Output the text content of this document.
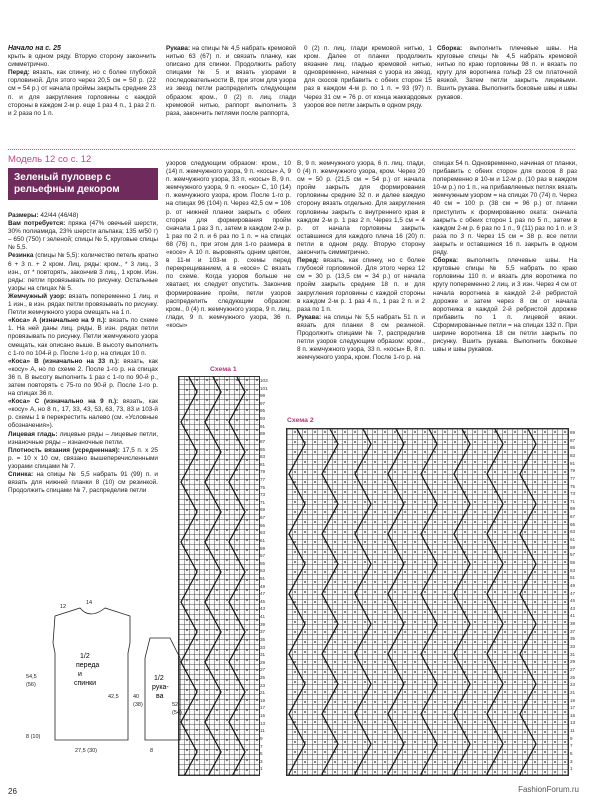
Начало на с. 25

крыть в одном ряду. Вторую сторону закончить симметрично.

Перед: вязать, как спинку, но с более глубокой горловиной. Для этого через 20,5 см = 50 р. (22 см = 54 р.) от начала проймы закрыть средние 23 п. и для закругления горловины с каждой стороны в каждом 2-м р. еще 1 раз 4 п., 1 раз 2 п. и 2 раза по 1 п.

Рукава: на спицы № 4,5 набрать кремовой нитью 63 (67) п. и связать планку, как описано для спинки. Продолжить работу спицами № 5 и вязать узорами в последовательности B, при этом для узора из звезд петли распределить следующим образом: кром., 0 (2) п. лиц. глади кремовой нитью, раппорт выполнить 3 раза, закончить петлями после раппорта,

0 (2) п. лиц. глади кремовой нитью, 1 кром. Далее от планки продолжить вязание лиц. гладью кремовой нитью, одновременно, начиная с узора из звезд, для скосов прибавить с обеих сторон 15 раз в каждом 4-м р. по 1 п. = 93 (97) п. Через 31 см = 76 р. от конца жаккардовых узоров все петли закрыть в одном ряду.

Сборка: выполнить плечевые швы. На круговые спицы № 4,5 набрать кремовой нитью по краю горловины 98 п. и вязать по кругу для воротника гольф 23 см платочной вязкой. Затем петли закрыть лицевыми. Вшить рукава. Выполнить боковые швы и швы рукавов.

Модель 12 со с. 12
Зеленый пуловер с рельефным декором

Размеры: 42/44 (46/48)

Вам потребуется: пряжа (47% овечьей шерсти, 30% полиамида, 23% шерсти альпака; 135 м/50 г) – 650 (750) г зеленой; спицы № 5, круговые спицы № 5,5.

Резинка (спицы № 5,5): количество петель кратно 6 + 3 п. + 2 кром. Лиц. ряды: кром., * 3 лиц., 3 изн., от * повторять, закончив 3 лиц., 1 кром. Изн. ряды: петли провязывать по рисунку. Остальные узоры на спицах № 5.

Жемчужный узор: вязать попеременно 1 лиц. и 1 изн., в изн. рядах петли провязывать по рисунку. Петли жемчужного узора смещать на 1 п.

«Коса» А (изначально на 9 п.): вязать по схеме 1. На ней даны лиц. ряды. В изн. рядах петли провязывать по рисунку. Петли жемчужного узора смещать, как описано выше. В высоту выполнить с 1-го по 104-й р. После 1-го р. на спицах 10 п.

«Коса» В (изначально на 33 п.): вязать, как «косу» А, но по схеме 2. После 1-го р. на спицах 36 п. В высоту выполнить 1 раз с 1-го по 90-й р., затем повторять с 75-го по 90-й р. После 1-го р. на спицах 36 п.

«Коса» С (изначально на 9 п.): вязать, как «косу» А, но 8 п., 17, 33, 43, 53, 63, 73, 83 и 103-й р. схемы 1 в перекрестить налево (см. «Условные обозначения»).

Лицевая гладь: лицевые ряды – лицевые петли, изнаночные ряды – изнаночные петли.

Плотность вязания (усредненная): 17,5 п. х 25 р. = 10 х 10 см, связано вышеперечисленными узорами спицами № 7.

Спинка: на спицы № 5,5 набрать 91 (99) п. и вязать для нижней планки 8 (10) см резинкой. Продолжить спицами № 7, распределив петли

узоров следующим образом: кром., 10 (14) п. жемчужного узора, 9 п. «косы» А, 9 п. жемчужного узора, 33 п. «косы» В, 9 п. жемчужного узора, 9 п. «косы» С, 10 (14) п. жемчужного узора, кром. После 1-го р. на спицах 96 (104) п. Через 42,5 см = 106 р. от нижней планки закрыть с обеих сторон для формирования пройм сначала 1 раз 3 п., затем в каждом 2-м р. 1 раз по 2 п. и 6 раз по 1 п. = на спицах 68 (76) п., при этом для 1-го размера в «косе» А 10 п. выровнять одним цветом, в 11-м и 103-м р. схемы перед перекрещиванием, а в «косе» С вязать по схеме. Когда узоров больше не хватает, их следует опустить. Закончив формирование пройм, петли узоров распределить следующим образом: кром., 0 (4) п. жемчужного узора, 9 п. лиц. глади, 9 п. жемчужного узора, 36 п. «косы»

В, 9 п. жемчужного узора, 6 п. лиц. глади, 0 (4) п. жемчужного узора, кром. Через 20 см = 50 р. (21,5 см = 54 р.) от начала пройм закрыть для формирования горловины средние 32 п. и далее каждую сторону вязать отдельно. Для закругления горловины закрыть с внутреннего края в каждом 2-м р. 1 раз 2 п. Через 1,5 см = 4 р. от начала горловины закрыть оставшиеся для каждого плеча 16 (20) п. петли в одном ряду. Вторую сторону закончить симметрично.

Перед: вязать, как спинку, но с более глубокой горловиной. Для этого через 12 см = 30 р. (13,5 см = 34 р.) от начала пройм закрыть средние 18 п. и для закругления горловины с каждой стороны в каждом 2-м р. 1 раз 4 п., 1 раз 2 п. и 2 раза по 1 п.

Рукава: на спицы № 5,5 набрать 51 п. и вязать для планки 8 см резинкой. Продолжить спицами № 7, распределив петли узоров следующим образом: кром., 8 п. жемчужного узора, 33 п. «косы» В, 8 п. жемчужного узора, кром. После 1-го р. на

спицах 54 п. Одновременно, начиная от планки, прибавить с обеих сторон для скосов 8 раз попеременно в 10-м и 12-м р. (10 раз в каждом 10-м р.) по 1 п., на прибавляемых петлях вязать жемчужным узором = на спицах 70 (74) п. Через 40 см = 100 р. (38 см = 96 р.) от планки приступить к формированию оката: сначала закрыть с обеих сторон 1 раз по 5 п., затем в каждом 2-м р. 6 раз по 1 п., 9 (11) раз по 1 п. и 3 раза по 3 п. Через 15 см = 38 р. все петли закрыть и оставшиеся 16 п. закрыть в одном ряду.

Сборка: выполнить плечевые швы. На круговые спицы № 5,5 набрать по краю горловины 110 п. и вязать для воротника по кругу попеременно 2 лиц. и 3 изн. Через 4 см от начала воротника в каждой 2-й ребристой дорожке и затем через 8 см от начала воротника в каждой 2-й ребристой дорожке прибавить по 1 п. лицевой вязки. Сформированные петли = на спицах 132 п. При ширине воротника 18 см петли закрыть по рисунку. Вшить рукава. Выполнить боковые швы и швы рукавов.

Схема 1
103
101
99
97
95
93
91
89
87
85
83
81
79
77
75
73
71
69
67
65
63
61
59
57
55
53
51
49
47
45
43
41
39
37
35
33
31
29
27
25
23
21
19
17
15
13
11
9
7
5
3
1
Схема 2
89
87
85
83
81
79
77
75
73
71
69
67
65
63
61
59
57
55
53
51
49
47
45
43
41
39
37
35
33
31
29
27
25
23
21
19
17
15
13
11
9
7
5
3
1
1/2 переда и спинки
1/2 рука- ва
14
12
54,5
(56)
42,5	40
(38)	52
(54)
8 (10)
27,5 (30)	8
26	FashionForum.ru
